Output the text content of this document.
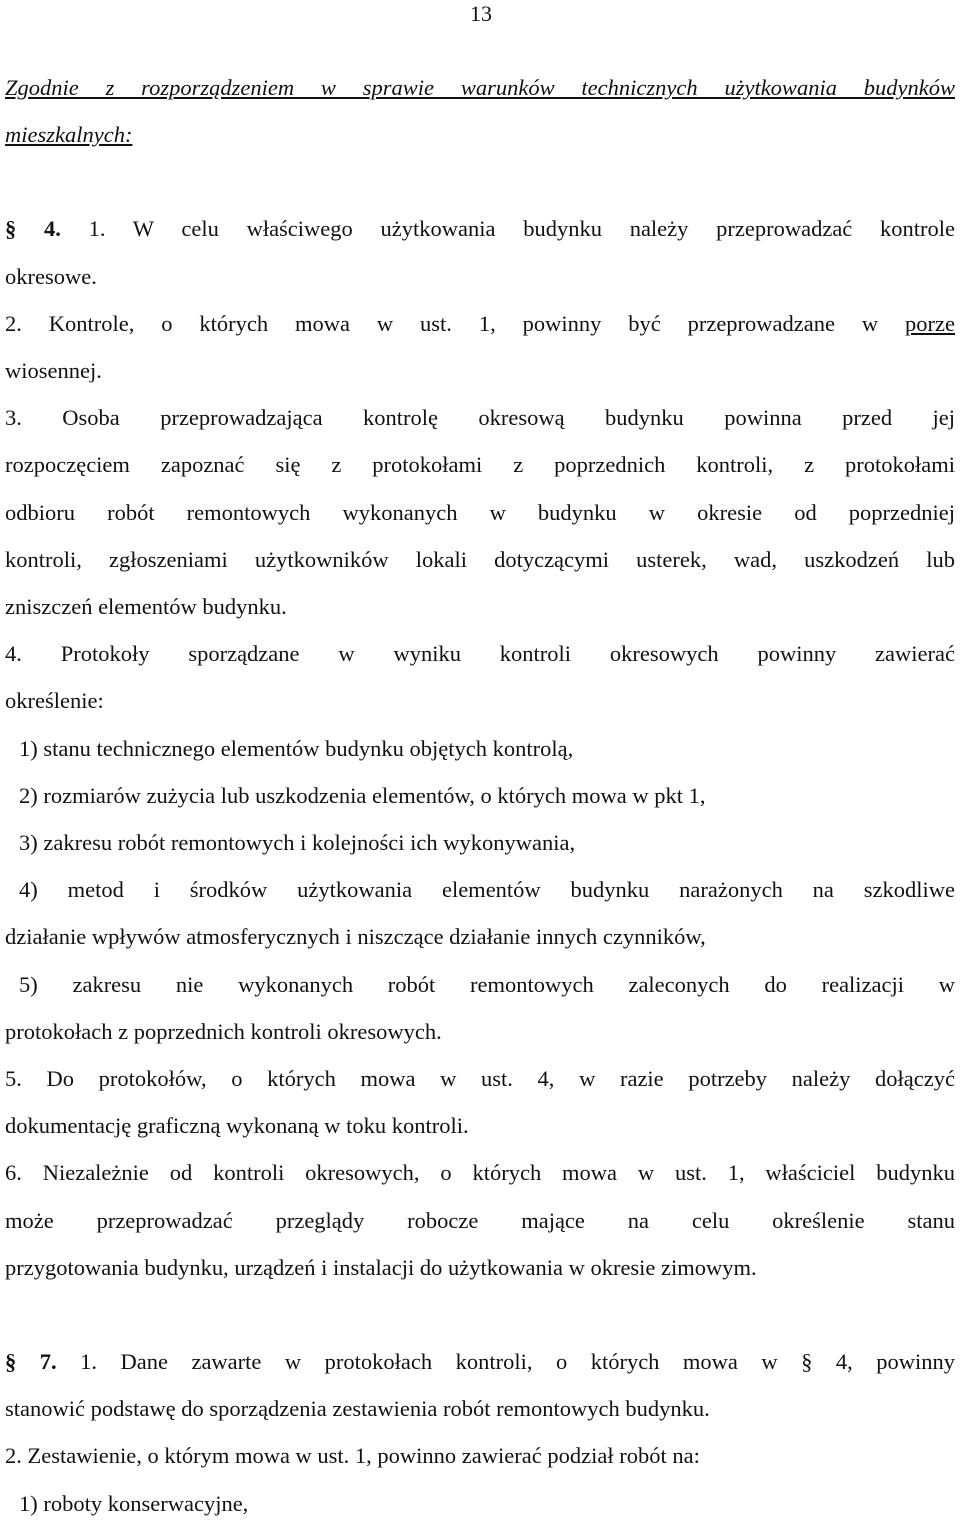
13

Zgodnie z rozporządzeniem w sprawie warunków technicznych użytkowania budynków

mieszkalnych:

§ 4. 1. W celu właściwego użytkowania budynku należy przeprowadzać kontrole

okresowe.

2. Kontrole, o których mowa w ust. 1, powinny być przeprowadzane w porze

wiosennej.

3. Osoba przeprowadzająca kontrolę okresową budynku powinna przed jej

rozpoczęciem zapoznać się z protokołami z poprzednich kontroli, z protokołami

odbioru robót remontowych wykonanych w budynku w okresie od poprzedniej

kontroli, zgłoszeniami użytkowników lokali dotyczącymi usterek, wad, uszkodzeń lub

zniszczeń elementów budynku.

4. Protokoły sporządzane w wyniku kontroli okresowych powinny zawierać

określenie:

1) stanu technicznego elementów budynku objętych kontrolą,

2) rozmiarów zużycia lub uszkodzenia elementów, o których mowa w pkt 1,

3) zakresu robót remontowych i kolejności ich wykonywania,

4) metod i środków użytkowania elementów budynku narażonych na szkodliwe

działanie wpływów atmosferycznych i niszczące działanie innych czynników,

5) zakresu nie wykonanych robót remontowych zaleconych do realizacji w

protokołach z poprzednich kontroli okresowych.

5. Do protokołów, o których mowa w ust. 4, w razie potrzeby należy dołączyć

dokumentację graficzną wykonaną w toku kontroli.

6. Niezależnie od kontroli okresowych, o których mowa w ust. 1, właściciel budynku

może przeprowadzać przeglądy robocze mające na celu określenie stanu

przygotowania budynku, urządzeń i instalacji do użytkowania w okresie zimowym.

§ 7. 1. Dane zawarte w protokołach kontroli, o których mowa w § 4, powinny

stanowić podstawę do sporządzenia zestawienia robót remontowych budynku.

2. Zestawienie, o którym mowa w ust. 1, powinno zawierać podział robót na:

1) roboty konserwacyjne,
